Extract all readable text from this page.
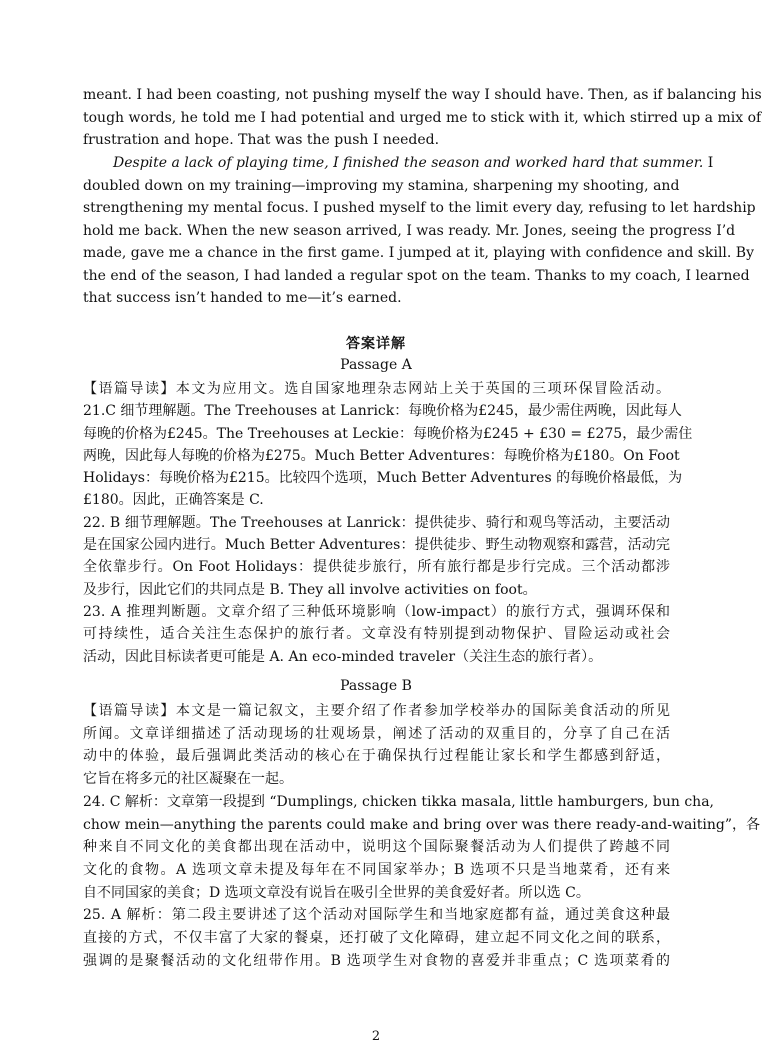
meant. I had been coasting, not pushing myself the way I should have. Then, as if balancing his
tough words, he told me I had potential and urged me to stick with it, which stirred up a mix of
frustration and hope. That was the push I needed.
Despite a lack of playing time, I finished the season and worked hard that summer. I
doubled down on my training—improving my stamina, sharpening my shooting, and
strengthening my mental focus. I pushed myself to the limit every day, refusing to let hardship
hold me back. When the new season arrived, I was ready. Mr. Jones, seeing the progress I’d
made, gave me a chance in the first game. I jumped at it, playing with confidence and skill. By
the end of the season, I had landed a regular spot on the team. Thanks to my coach, I learned
that success isn’t handed to me—it’s earned.
答案详解
Passage A
【语篇导读】本文为应用文。选自国家地理杂志网站上关于英国的三项环保冒险活动。
21.C 细节理解题。The Treehouses at Lanrick：每晚价格为£245，最少需住两晚，因此每人
每晚的价格为£245。The Treehouses at Leckie：每晚价格为£245 + £30 = £275，最少需住
两晚，因此每人每晚的价格为£275。Much Better Adventures：每晚价格为£180。On Foot
Holidays：每晚价格为£215。比较四个选项，Much Better Adventures 的每晚价格最低，为
£180。因此，正确答案是 C.
22. B 细节理解题。The Treehouses at Lanrick：提供徒步、骑行和观鸟等活动，主要活动
是在国家公园内进行。Much Better Adventures：提供徒步、野生动物观察和露营，活动完
全依靠步行。On Foot Holidays：提供徒步旅行，所有旅行都是步行完成。三个活动都涉
及步行，因此它们的共同点是 B. They all involve activities on foot。
23. A 推理判断题。文章介绍了三种低环境影响（low-impact）的旅行方式，强调环保和
可持续性，适合关注生态保护的旅行者。文章没有特别提到动物保护、冒险运动或社会
活动，因此目标读者更可能是 A. An eco-minded traveler（关注生态的旅行者）。
Passage B
【语篇导读】本文是一篇记叙文，主要介绍了作者参加学校举办的国际美食活动的所见
所闻。文章详细描述了活动现场的壮观场景，阐述了活动的双重目的，分享了自己在活
动中的体验，最后强调此类活动的核心在于确保执行过程能让家长和学生都感到舒适，
它旨在将多元的社区凝聚在一起。
24. C 解析：文章第一段提到 “Dumplings, chicken tikka masala, little hamburgers, bun cha,
chow mein—anything the parents could make and bring over was there ready-and-waiting”，各
种来自不同文化的美食都出现在活动中，说明这个国际聚餐活动为人们提供了跨越不同
文化的食物。A 选项文章未提及每年在不同国家举办；B 选项不只是当地菜肴，还有来
自不同国家的美食；D 选项文章没有说旨在吸引全世界的美食爱好者。所以选 C。
25. A 解析：第二段主要讲述了这个活动对国际学生和当地家庭都有益，通过美食这种最
直接的方式，不仅丰富了大家的餐桌，还打破了文化障碍，建立起不同文化之间的联系，
强调的是聚餐活动的文化纽带作用。B 选项学生对食物的喜爱并非重点；C 选项菜肴的
2
